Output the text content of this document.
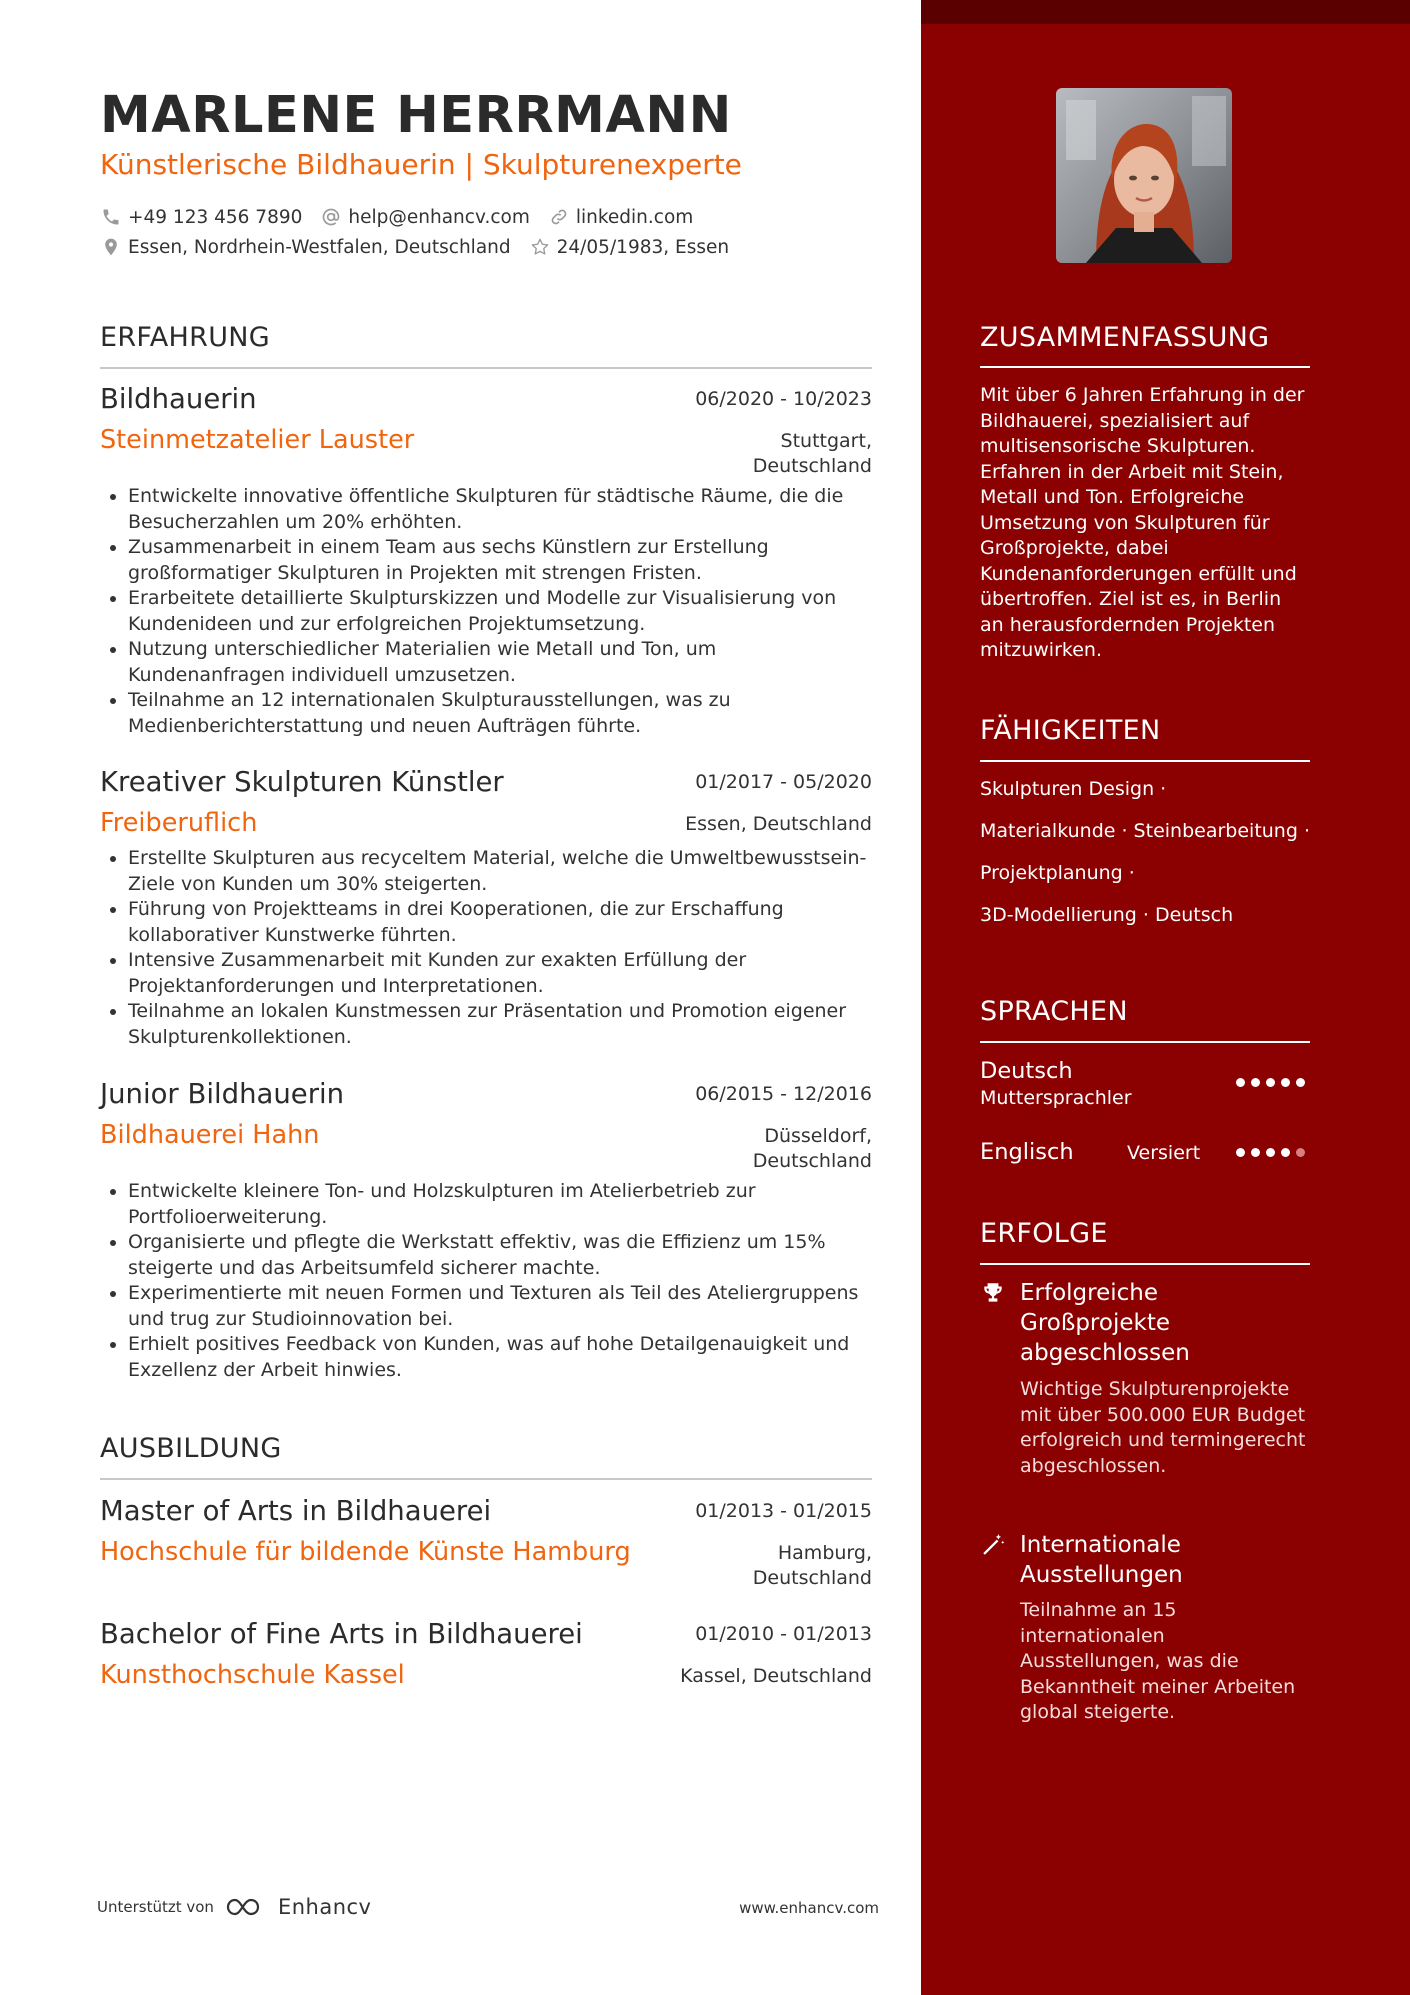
MARLENE HERRMANN
Künstlerische Bildhauerin | Skulpturenexperte
+49 123 456 7890 help@enhancv.com linkedin.com
Essen, Nordrhein-Westfalen, Deutschland 24/05/1983, Essen
ERFAHRUNG
Bildhauerin	06/2020 - 10/2023
Steinmetzatelier Lauster	Stuttgart,
Deutschland
Entwickelte innovative öffentliche Skulpturen für städtische Räume, die die Besucherzahlen um 20% erhöhten.
Zusammenarbeit in einem Team aus sechs Künstlern zur Erstellung großformatiger Skulpturen in Projekten mit strengen Fristen.
Erarbeitete detaillierte Skulpturskizzen und Modelle zur Visualisierung von Kundenideen und zur erfolgreichen Projektumsetzung.
Nutzung unterschiedlicher Materialien wie Metall und Ton, um Kundenanfragen individuell umzusetzen.
Teilnahme an 12 internationalen Skulpturausstellungen, was zu Medienberichterstattung und neuen Aufträgen führte.
Kreativer Skulpturen Künstler	01/2017 - 05/2020
Freiberuflich	Essen, Deutschland
Erstellte Skulpturen aus recyceltem Material, welche die Umweltbewusstsein-Ziele von Kunden um 30% steigerten.
Führung von Projektteams in drei Kooperationen, die zur Erschaffung kollaborativer Kunstwerke führten.
Intensive Zusammenarbeit mit Kunden zur exakten Erfüllung der Projektanforderungen und Interpretationen.
Teilnahme an lokalen Kunstmessen zur Präsentation und Promotion eigener Skulpturenkollektionen.
Junior Bildhauerin	06/2015 - 12/2016
Bildhauerei Hahn	Düsseldorf,
Deutschland
Entwickelte kleinere Ton- und Holzskulpturen im Atelierbetrieb zur Portfolioerweiterung.
Organisierte und pflegte die Werkstatt effektiv, was die Effizienz um 15% steigerte und das Arbeitsumfeld sicherer machte.
Experimentierte mit neuen Formen und Texturen als Teil des Ateliergruppens und trug zur Studioinnovation bei.
Erhielt positives Feedback von Kunden, was auf hohe Detailgenauigkeit und Exzellenz der Arbeit hinwies.
AUSBILDUNG
Master of Arts in Bildhauerei	01/2013 - 01/2015
Hochschule für bildende Künste Hamburg	Hamburg,
Deutschland
Bachelor of Fine Arts in Bildhauerei	01/2010 - 01/2013
Kunsthochschule Kassel	Kassel, Deutschland
Unterstützt von	Enhancv	www.enhancv.com
ZUSAMMENFASSUNG
Mit über 6 Jahren Erfahrung in der Bildhauerei, spezialisiert auf multisensorische Skulpturen. Erfahren in der Arbeit mit Stein, Metall und Ton. Erfolgreiche Umsetzung von Skulpturen für Großprojekte, dabei Kundenanforderungen erfüllt und übertroffen. Ziel ist es, in Berlin an herausfordernden Projekten mitzuwirken.
FÄHIGKEITEN
Skulpturen Design ·
Materialkunde · Steinbearbeitung ·
Projektplanung ·
3D-Modellierung · Deutsch
SPRACHEN
Deutsch
Muttersprachler
Englisch	Versiert
ERFOLGE
Erfolgreiche Großprojekte abgeschlossen
Wichtige Skulpturenprojekte mit über 500.000 EUR Budget erfolgreich und termingerecht abgeschlossen.
Internationale Ausstellungen
Teilnahme an 15 internationalen Ausstellungen, was die Bekanntheit meiner Arbeiten global steigerte.
